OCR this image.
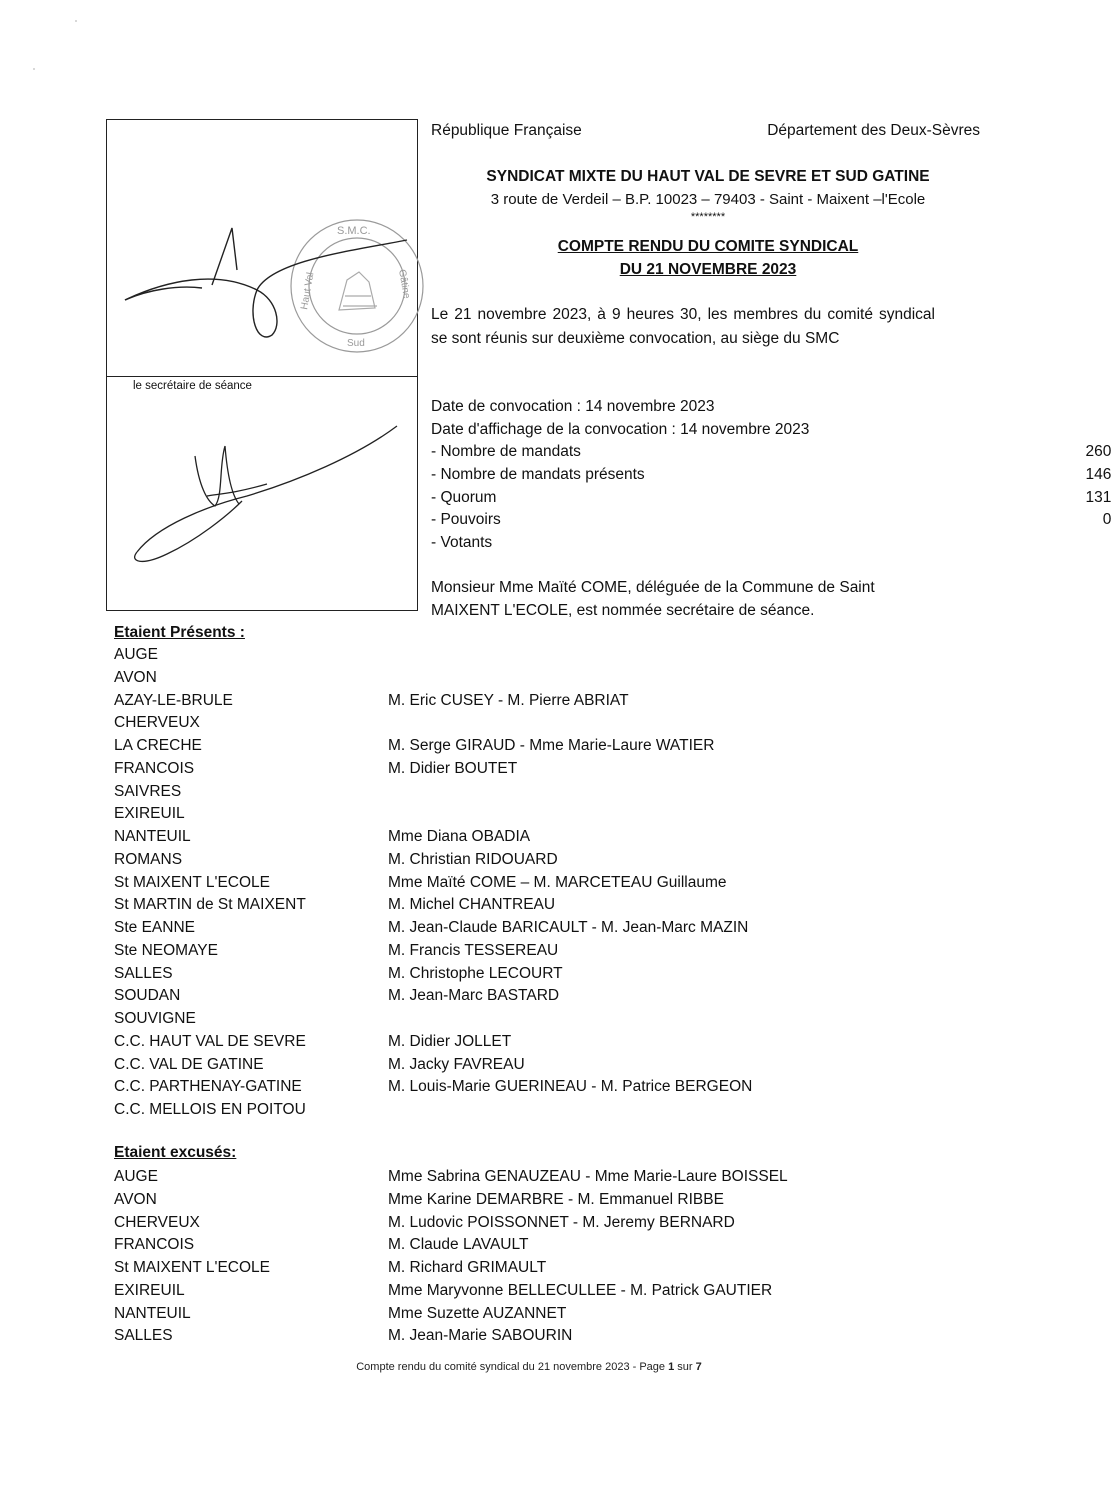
S.M.C.
Haut Val	Gâtine
Sud
le secrétaire de séance
République Française	Département des Deux-Sèvres
SYNDICAT MIXTE DU HAUT VAL DE SEVRE ET SUD GATINE
3 route de Verdeil – B.P. 10023 – 79403 - Saint - Maixent –l'Ecole
********
COMPTE RENDU DU COMITE SYNDICAL
DU 21 NOVEMBRE 2023

Le 21 novembre 2023, à 9 heures 30, les membres du comité syndical se sont réunis sur deuxième convocation, au siège du SMC

Date de convocation : 14 novembre 2023
Date d'affichage de la convocation : 14 novembre 2023
- Nombre de mandats	260
- Nombre de mandats présents	146
- Quorum	131
- Pouvoirs	0
- Votants

Monsieur Mme Maïté COME, déléguée de la Commune de Saint MAIXENT L'ECOLE, est nommée secrétaire de séance.

Etaient Présents :
AUGE
AVON
AZAY-LE-BRULE	M. Eric CUSEY - M. Pierre ABRIAT
CHERVEUX
LA CRECHE	M. Serge GIRAUD - Mme Marie-Laure WATIER
FRANCOIS	M. Didier BOUTET
SAIVRES
EXIREUIL
NANTEUIL	Mme Diana OBADIA
ROMANS	M. Christian RIDOUARD
St MAIXENT L'ECOLE	Mme Maïté COME – M. MARCETEAU Guillaume
St MARTIN de St MAIXENT	M. Michel CHANTREAU
Ste EANNE	M. Jean-Claude BARICAULT - M. Jean-Marc MAZIN
Ste NEOMAYE	M. Francis TESSEREAU
SALLES	M. Christophe LECOURT
SOUDAN	M. Jean-Marc BASTARD
SOUVIGNE
C.C. HAUT VAL DE SEVRE	M. Didier JOLLET
C.C. VAL DE GATINE	M. Jacky FAVREAU
C.C. PARTHENAY-GATINE	M. Louis-Marie GUERINEAU - M. Patrice BERGEON
C.C. MELLOIS EN POITOU
Etaient excusés:
AUGE	Mme Sabrina GENAUZEAU - Mme Marie-Laure BOISSEL
AVON	Mme Karine DEMARBRE - M. Emmanuel RIBBE
CHERVEUX	M. Ludovic POISSONNET - M. Jeremy BERNARD
FRANCOIS	M. Claude LAVAULT
St MAIXENT L'ECOLE	M. Richard GRIMAULT
EXIREUIL	Mme Maryvonne BELLECULLEE - M. Patrick GAUTIER
NANTEUIL	Mme Suzette AUZANNET
SALLES	M. Jean-Marie SABOURIN
Compte rendu du comité syndical du 21 novembre 2023 - Page 1 sur 7
